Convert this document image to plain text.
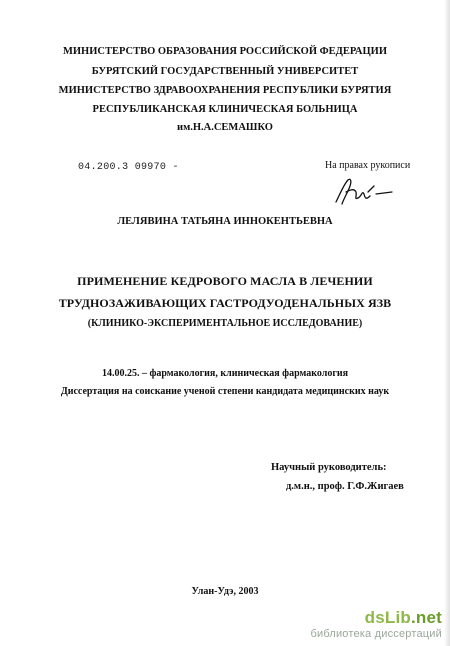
МИНИСТЕРСТВО ОБРАЗОВАНИЯ РОССИЙСКОЙ ФЕДЕРАЦИИ
БУРЯТСКИЙ ГОСУДАРСТВЕННЫЙ УНИВЕРСИТЕТ
МИНИСТЕРСТВО ЗДРАВООХРАНЕНИЯ РЕСПУБЛИКИ БУРЯТИЯ
РЕСПУБЛИКАНСКАЯ КЛИНИЧЕСКАЯ БОЛЬНИЦА
им.Н.А.СЕМАШКО
04.200.3 09970 -	На правах рукописи
ЛЕЛЯВИНА ТАТЬЯНА ИННОКЕНТЬЕВНА
ПРИМЕНЕНИЕ КЕДРОВОГО МАСЛА В ЛЕЧЕНИИ
ТРУДНОЗАЖИВАЮЩИХ ГАСТРОДУОДЕНАЛЬНЫХ ЯЗВ
(КЛИНИКО-ЭКСПЕРИМЕНТАЛЬНОЕ ИССЛЕДОВАНИЕ)
14.00.25. – фармакология, клиническая фармакология
Диссертация на соискание ученой степени кандидата медицинских наук
Научный руководитель:
д.м.н., проф. Г.Ф.Жигаев
Улан-Удэ, 2003
dsLib.net
библиотека диссертаций
